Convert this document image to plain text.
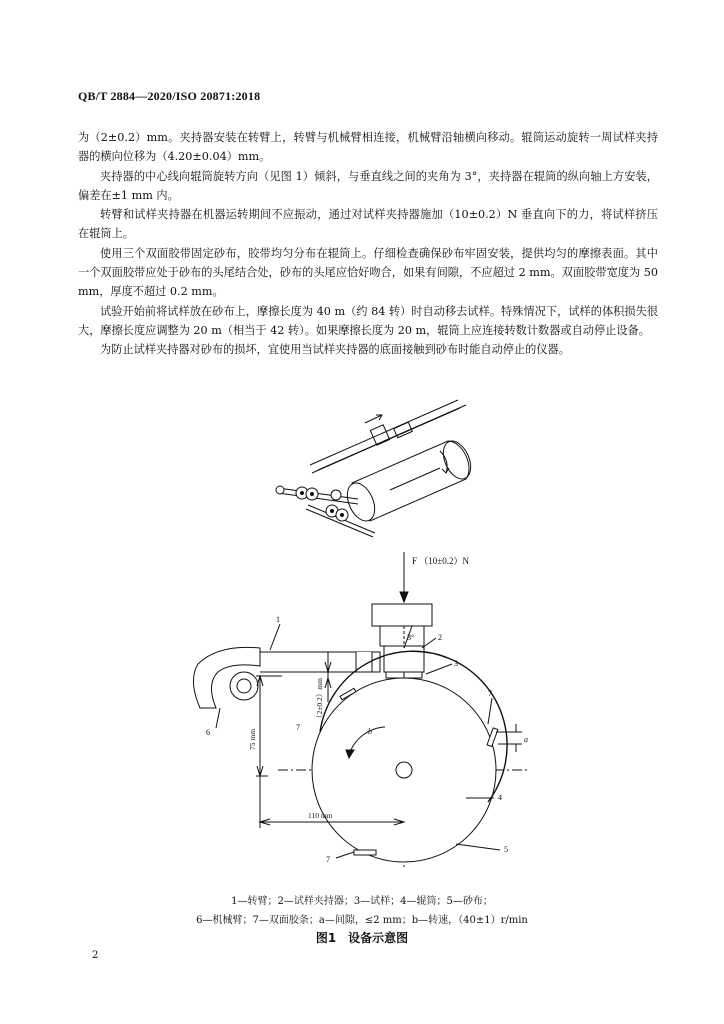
QB/T 2884—2020/ISO 20871:2018

为（2±0.2）mm。夹持器安装在转臂上，转臂与机械臂相连接，机械臂沿轴横向移动。辊筒运动旋转一周试样夹持器的横向位移为（4.20±0.04）mm。

夹持器的中心线向辊筒旋转方向（见图 1）倾斜，与垂直线之间的夹角为 3°，夹持器在辊筒的纵向轴上方安装，偏差在±1 mm 内。

转臂和试样夹持器在机器运转期间不应振动，通过对试样夹持器施加（10±0.2）N 垂直向下的力，将试样挤压在辊筒上。

使用三个双面胶带固定砂布，胶带均匀分布在辊筒上。仔细检查确保砂布牢固安装，提供均匀的摩擦表面。其中一个双面胶带应处于砂布的头尾结合处，砂布的头尾应恰好吻合，如果有间隙，不应超过 2 mm。双面胶带宽度为 50 mm，厚度不超过 0.2 mm。

试验开始前将试样放在砂布上，摩擦长度为 40 m（约 84 转）时自动移去试样。特殊情况下，试样的体积损失很大，摩擦长度应调整为 20 m（相当于 42 转）。如果摩擦长度为 20 m，辊筒上应连接转数计数器或自动停止设备。

为防止试样夹持器对砂布的损坏，宜使用当试样夹持器的底面接触到砂布时能自动停止的仪器。

F （10±0.2）N
3°
（2±0.2）mm
75 mm
110 mm
1
2
3
4
5
6
7
7
7
a
b
1—转臂；2—试样夹持器；3—试样；4—辊筒；5—砂布；
6—机械臂；7—双面胶条；a—间隙，≤2 mm；b—转速，（40±1）r/min
图1　设备示意图
2
